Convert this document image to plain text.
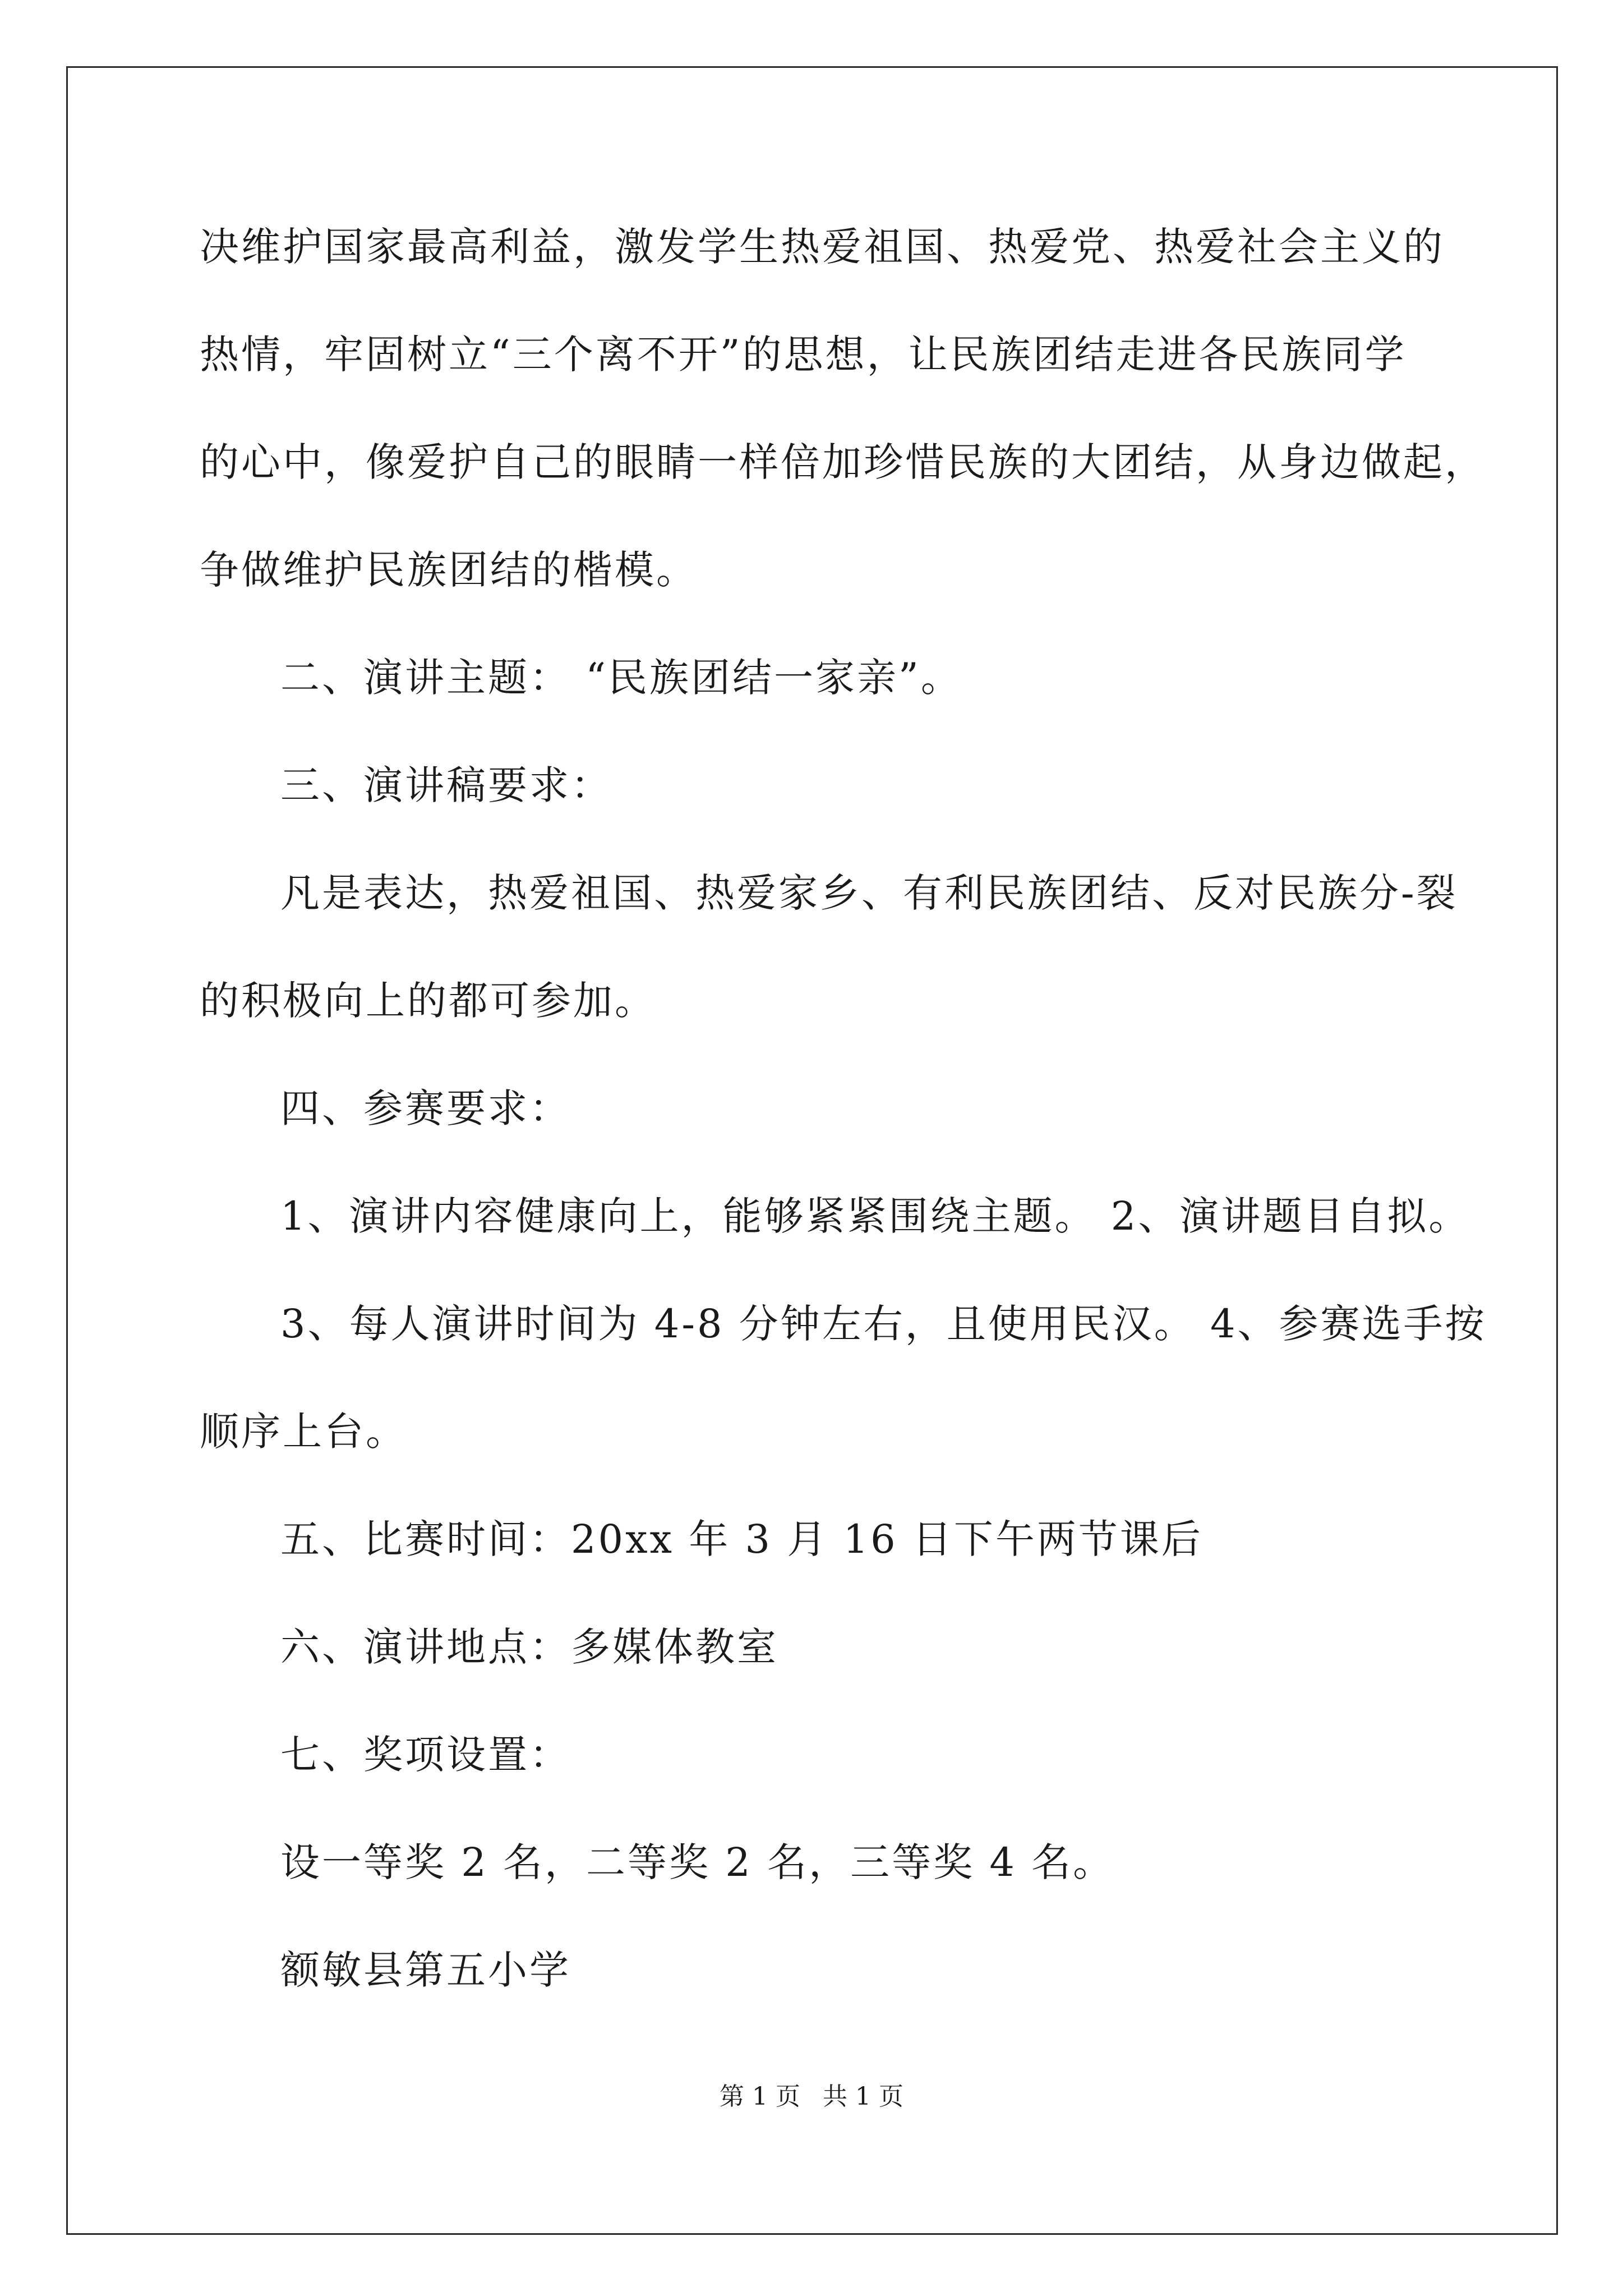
决维护国家最高利益，激发学生热爱祖国、热爱党、热爱社会主义的
热情，牢固树立“三个离不开”的思想，让民族团结走进各民族同学
的心中，像爱护自己的眼睛一样倍加珍惜民族的大团结，从身边做起，
争做维护民族团结的楷模。
二、演讲主题： “民族团结一家亲”。
三、演讲稿要求：
凡是表达，热爱祖国、热爱家乡、有利民族团结、反对民族分-裂
的积极向上的都可参加。
四、参赛要求：
1、演讲内容健康向上，能够紧紧围绕主题。 2、演讲题目自拟。
3、每人演讲时间为 4-8 分钟左右，且使用民汉。 4、参赛选手按
顺序上台。
五、比赛时间：20xx 年 3 月 16 日下午两节课后
六、演讲地点：多媒体教室
七、奖项设置：
设一等奖 2 名，二等奖 2 名，三等奖 4 名。
额敏县第五小学
第 1 页 共 1 页
